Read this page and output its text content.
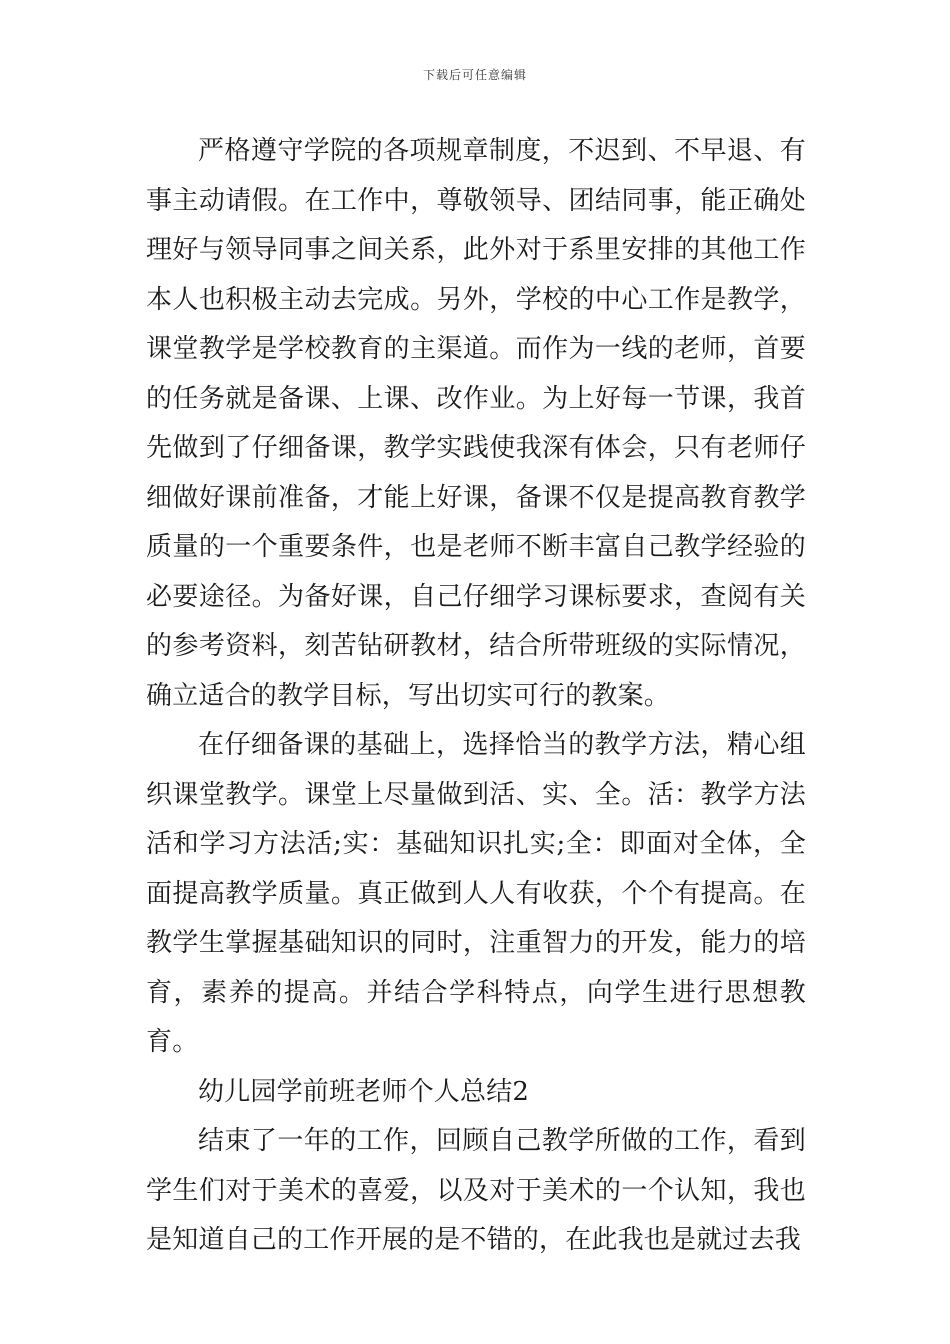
下载后可任意编辑

严格遵守学院的各项规章制度，不迟到、不早退、有事主动请假。在工作中，尊敬领导、团结同事，能正确处理好与领导同事之间关系，此外对于系里安排的其他工作本人也积极主动去完成。另外，学校的中心工作是教学，课堂教学是学校教育的主渠道。而作为一线的老师，首要的任务就是备课、上课、改作业。为上好每一节课，我首先做到了仔细备课，教学实践使我深有体会，只有老师仔细做好课前准备，才能上好课，备课不仅是提高教育教学质量的一个重要条件，也是老师不断丰富自己教学经验的必要途径。为备好课，自己仔细学习课标要求，查阅有关的参考资料，刻苦钻研教材，结合所带班级的实际情况，确立适合的教学目标，写出切实可行的教案。

在仔细备课的基础上，选择恰当的教学方法，精心组织课堂教学。课堂上尽量做到活、实、全。活：教学方法活和学习方法活;实：基础知识扎实;全：即面对全体，全面提高教学质量。真正做到人人有收获，个个有提高。在教学生掌握基础知识的同时，注重智力的开发，能力的培育，素养的提高。并结合学科特点，向学生进行思想教育。

幼儿园学前班老师个人总结2

结束了一年的工作，回顾自己教学所做的工作，看到学生们对于美术的喜爱，以及对于美术的一个认知，我也是知道自己的工作开展的是不错的，在此我也是就过去我
